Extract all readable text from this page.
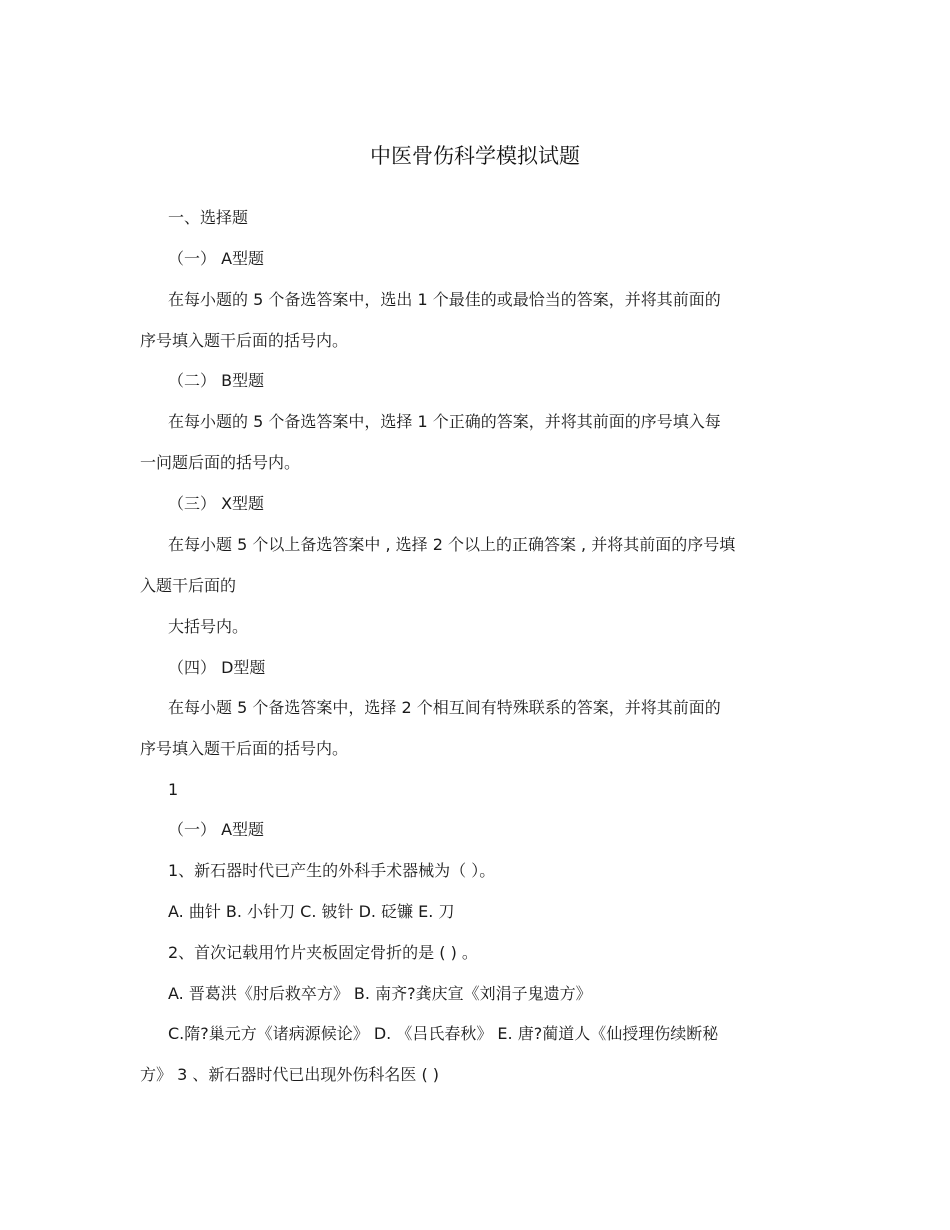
中医骨伤科学模拟试题
一、选择题
（一） A型题
在每小题的 5 个备选答案中，选出 1 个最佳的或最恰当的答案，并将其前面的
序号填入题干后面的括号内。
（二） B型题
在每小题的 5 个备选答案中，选择 1 个正确的答案，并将其前面的序号填入每
一问题后面的括号内。
（三） X型题
在每小题 5 个以上备选答案中 , 选择 2 个以上的正确答案 , 并将其前面的序号填
入题干后面的
大括号内。
（四） D型题
在每小题 5 个备选答案中，选择 2 个相互间有特殊联系的答案，并将其前面的
序号填入题干后面的括号内。
1
（一） A型题
1、新石器时代已产生的外科手术器械为（ ）。
A. 曲针 B. 小针刀 C. 铍针 D. 砭镰 E. 刀
2、首次记载用竹片夹板固定骨折的是 ( ) 。
A. 晋葛洪《肘后救卒方》 B. 南齐?龚庆宣《刘涓子鬼遗方》
C.隋?巢元方《诸病源候论》 D. 《吕氏春秋》 E. 唐?蔺道人《仙授理伤续断秘
方》 3 、新石器时代已出现外伤科名医 ( )
